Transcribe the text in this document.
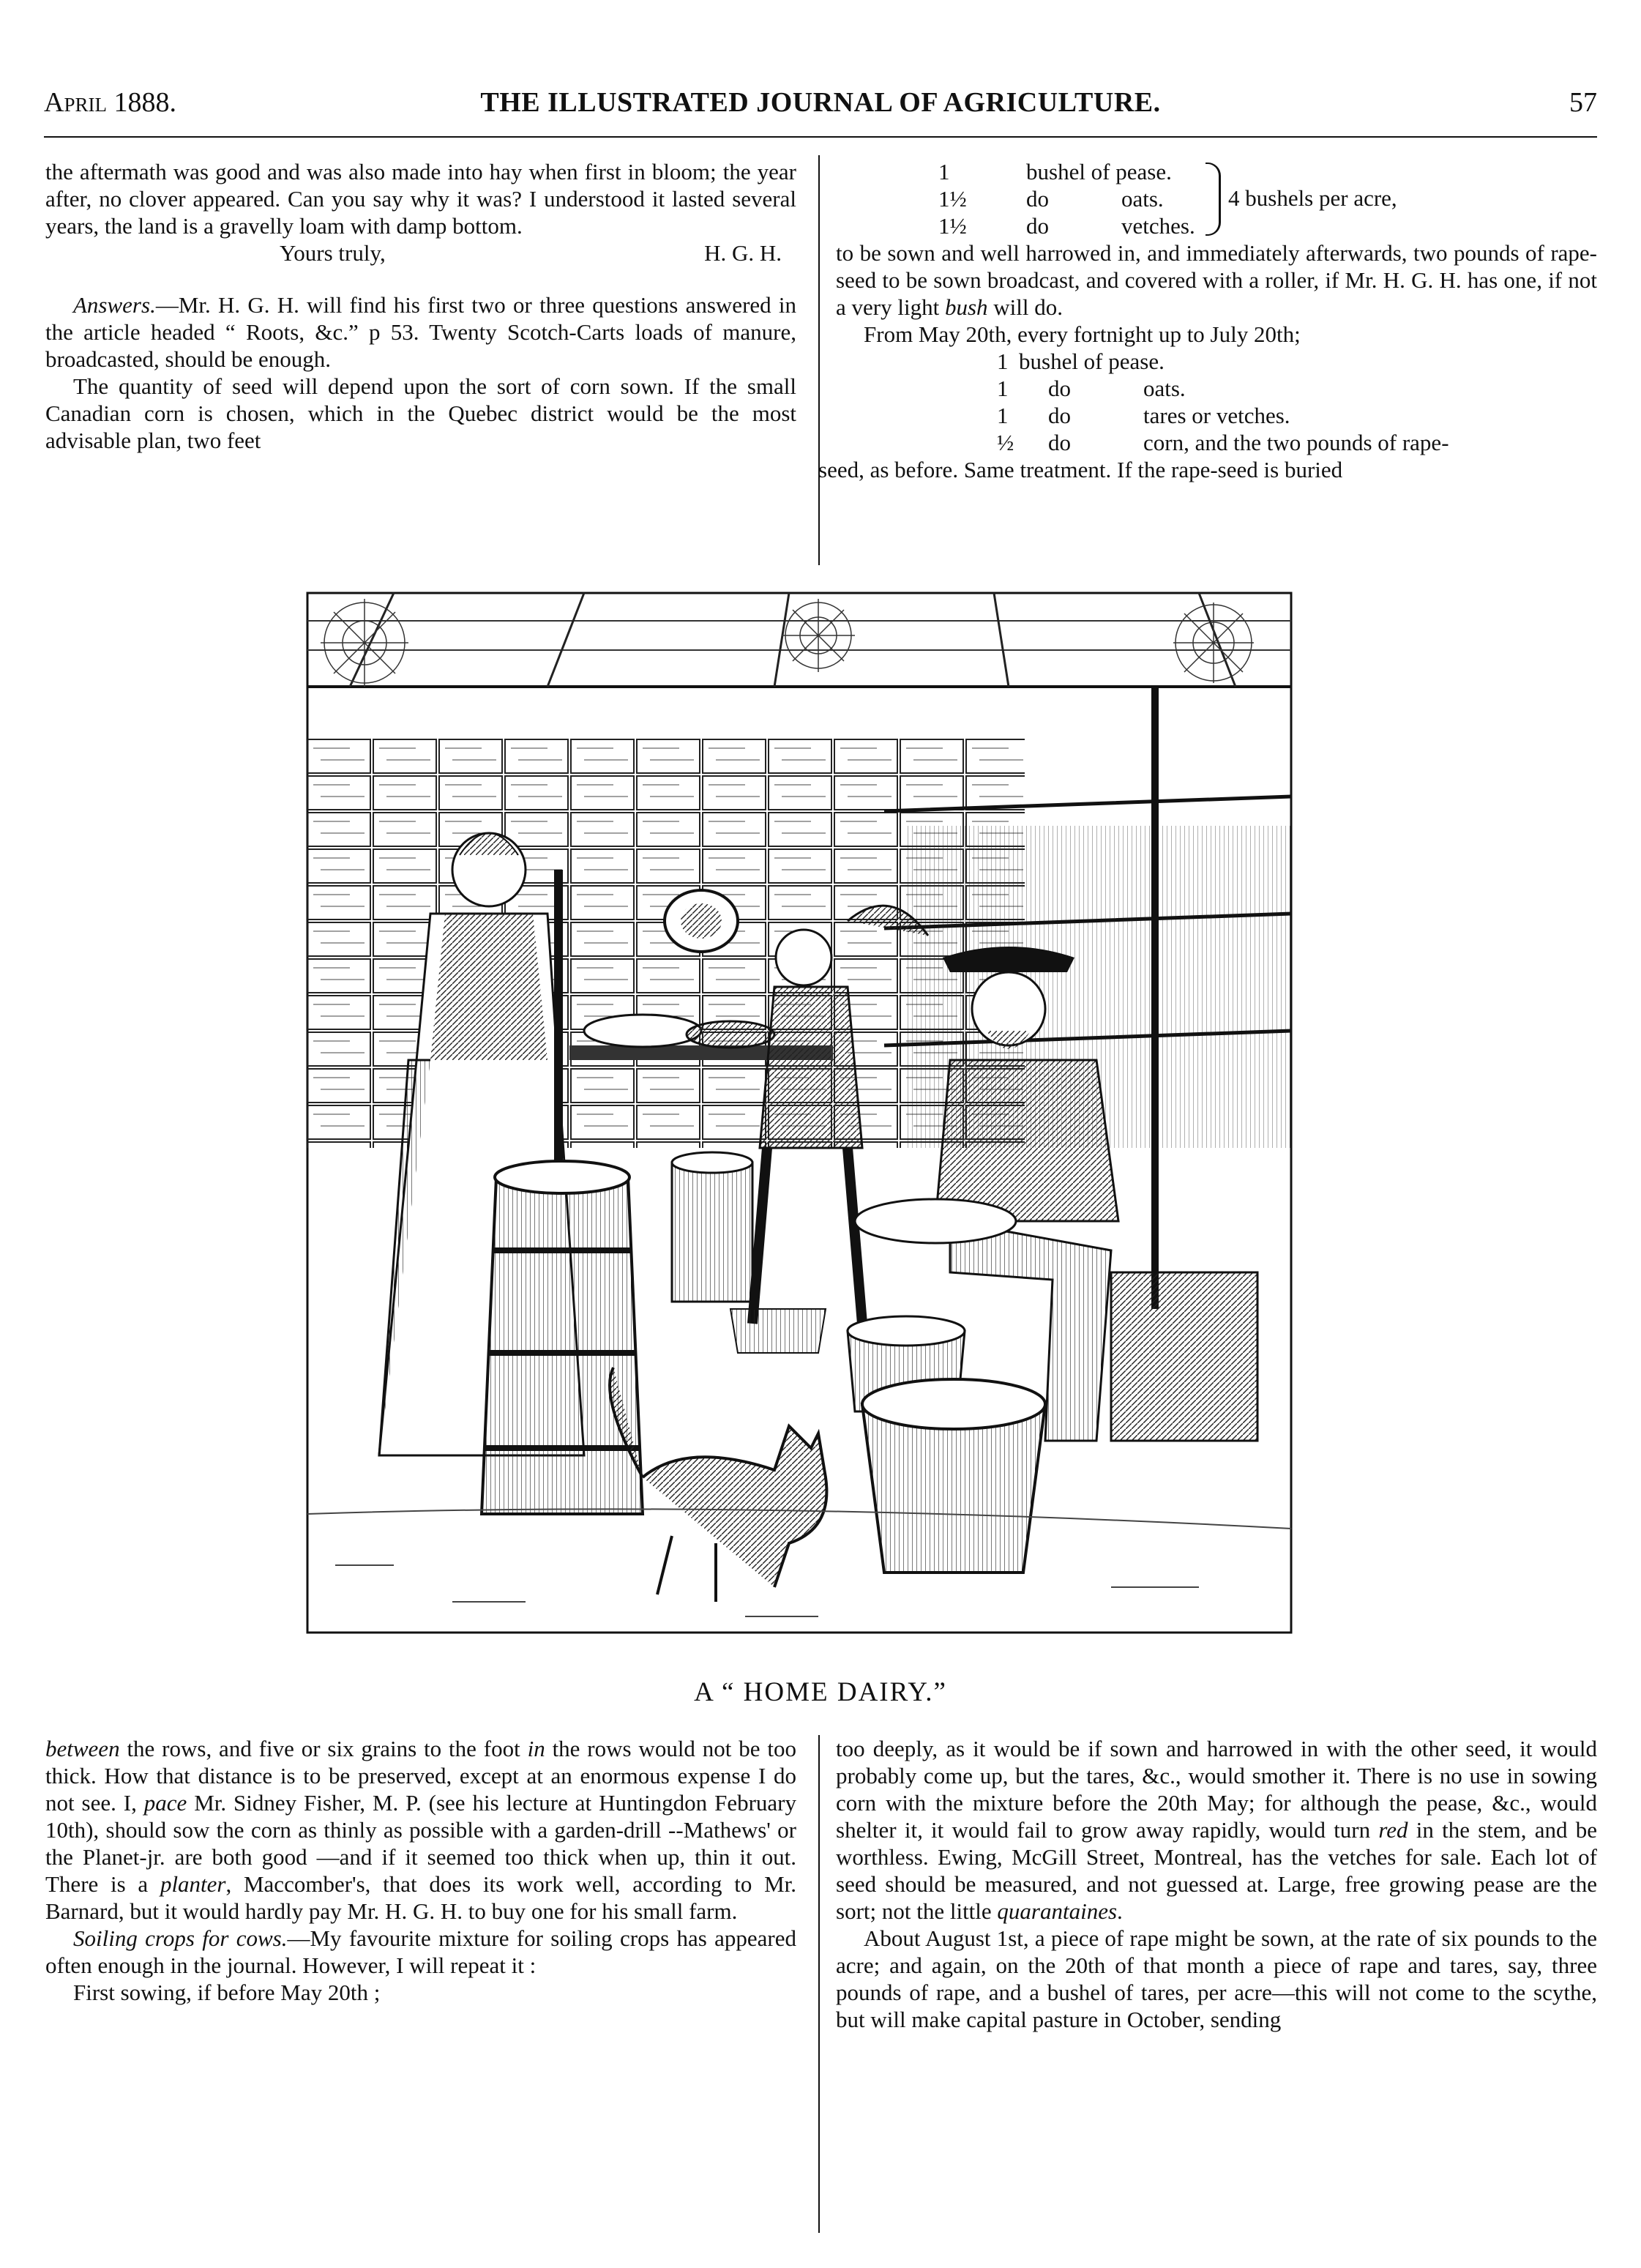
April 1888.	THE ILLUSTRATED JOURNAL OF AGRICULTURE.	57

the aftermath was good and was also made into hay when first in bloom; the year after, no clover appeared. Can you say why it was? I understood it lasted several years, the land is a gravelly loam with damp bottom.

Yours truly,	H. G. H.

Answers.—Mr. H. G. H. will find his first two or three questions answered in the article headed “ Roots, &c.” p 53. Twenty Scotch-Carts loads of manure, broadcasted, should be enough.

The quantity of seed will depend upon the sort of corn sown. If the small Canadian corn is chosen, which in the Quebec district would be the most advisable plan, two feet

1	bushel of pease.
1½	do	oats.
1½	do	vetches.
4 bushels per acre,

to be sown and well harrowed in, and immediately afterwards, two pounds of rape-seed to be sown broadcast, and covered with a roller, if Mr. H. G. H. has one, if not a very light bush will do.

From May 20th, every fortnight up to July 20th;

1 bushel of pease.
1	do	oats.
1	do	tares or vetches.
½	do	corn, and the two pounds of rape-

seed, as before. Same treatment. If the rape-seed is buried

A “ HOME DAIRY.”

between the rows, and five or six grains to the foot in the rows would not be too thick. How that distance is to be preserved, except at an enormous expense I do not see. I, pace Mr. Sidney Fisher, M. P. (see his lecture at Huntingdon February 10th), should sow the corn as thinly as possible with a garden-drill --Mathews' or the Planet-jr. are both good —and if it seemed too thick when up, thin it out. There is a planter, Maccomber's, that does its work well, according to Mr. Barnard, but it would hardly pay Mr. H. G. H. to buy one for his small farm.

Soiling crops for cows.—My favourite mixture for soiling crops has appeared often enough in the journal. However, I will repeat it :

First sowing, if before May 20th ;

too deeply, as it would be if sown and harrowed in with the other seed, it would probably come up, but the tares, &c., would smother it. There is no use in sowing corn with the mixture before the 20th May; for although the pease, &c., would shelter it, it would fail to grow away rapidly, would turn red in the stem, and be worthless. Ewing, McGill Street, Montreal, has the vetches for sale. Each lot of seed should be measured, and not guessed at. Large, free growing pease are the sort; not the little quarantaines.

About August 1st, a piece of rape might be sown, at the rate of six pounds to the acre; and again, on the 20th of that month a piece of rape and tares, say, three pounds of rape, and a bushel of tares, per acre—this will not come to the scythe, but will make capital pasture in October, sending
